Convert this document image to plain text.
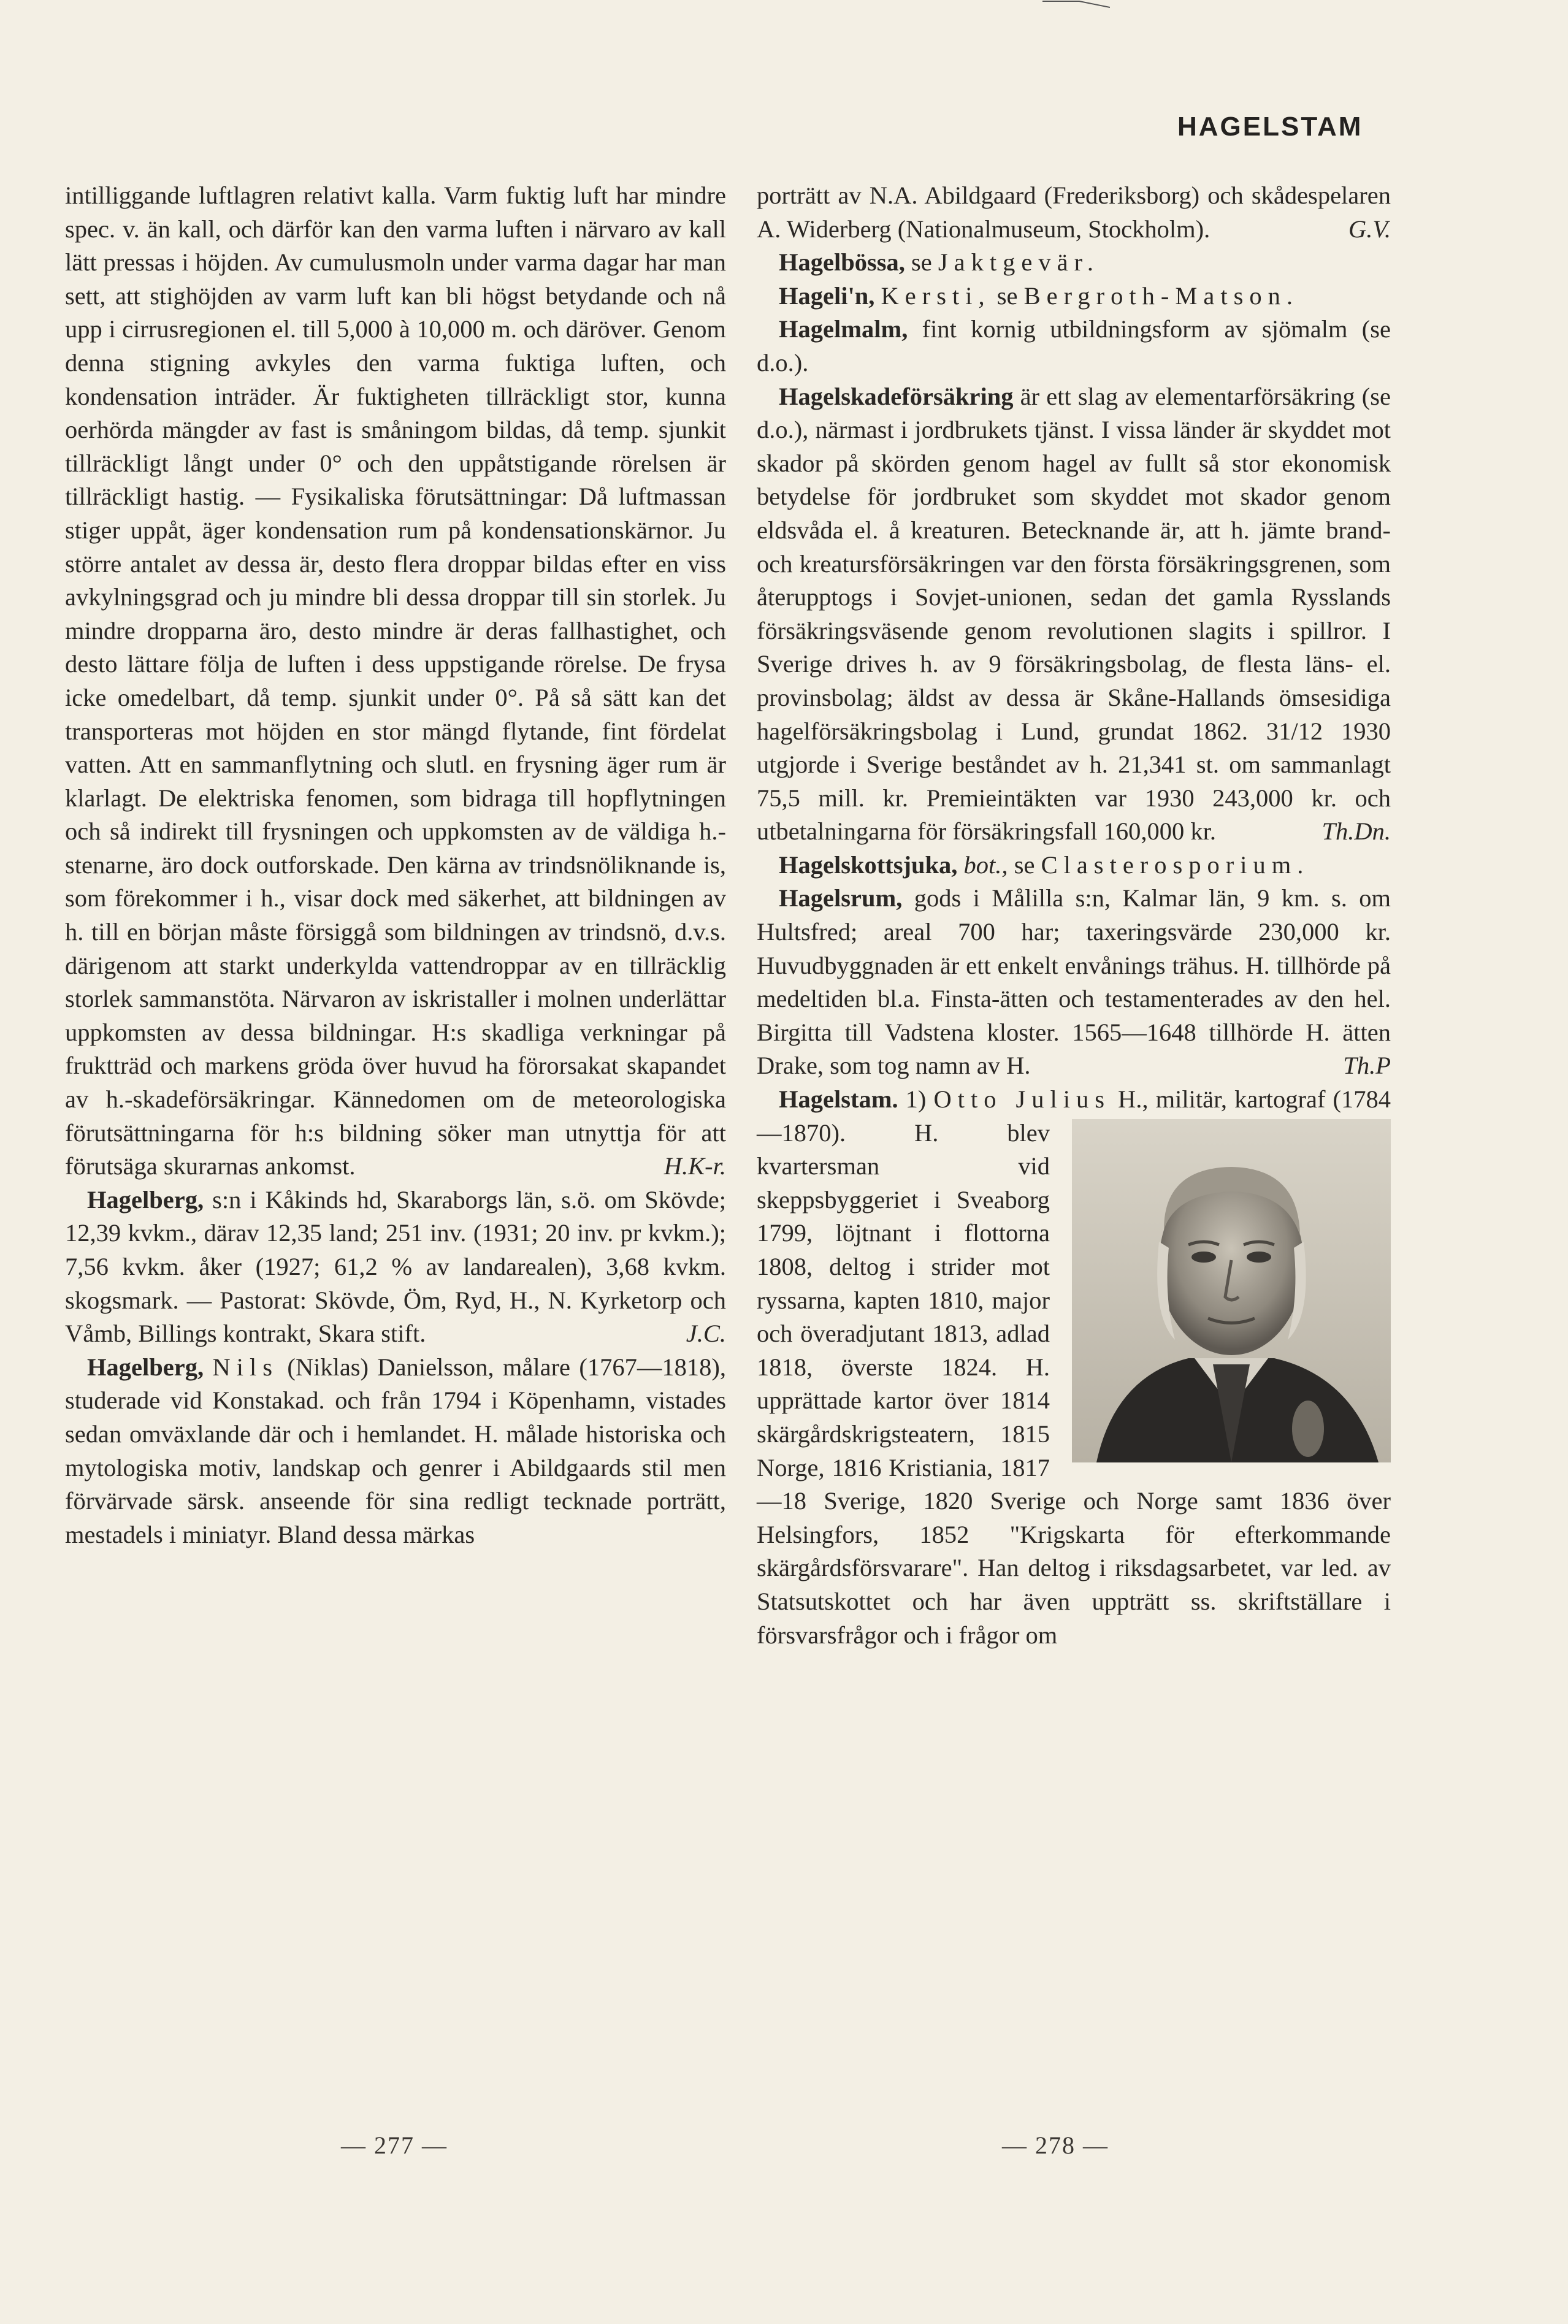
HAGELSTAM

intilliggande luftlagren relativt kalla. Varm fuktig luft har mindre spec. v. än kall, och därför kan den varma luften i närvaro av kall lätt pressas i höjden. Av cumulusmoln under varma dagar har man sett, att stighöjden av varm luft kan bli högst betydande och nå upp i cirrusregionen el. till 5,000 à 10,000 m. och däröver. Genom denna stigning avkyles den varma fuktiga luften, och kondensation inträder. Är fuktigheten tillräckligt stor, kunna oerhörda mängder av fast is småningom bildas, då temp. sjunkit tillräckligt långt under 0° och den uppåtstigande rörelsen är tillräckligt hastig. — Fysikaliska förutsättningar: Då luftmassan stiger uppåt, äger kondensation rum på kondensationskärnor. Ju större antalet av dessa är, desto flera droppar bildas efter en viss avkylningsgrad och ju mindre bli dessa droppar till sin storlek. Ju mindre dropparna äro, desto mindre är deras fallhastighet, och desto lättare följa de luften i dess uppstigande rörelse. De frysa icke omedelbart, då temp. sjunkit under 0°. På så sätt kan det transporteras mot höjden en stor mängd flytande, fint fördelat vatten. Att en sammanflytning och slutl. en frysning äger rum är klarlagt. De elektriska fenomen, som bidraga till hopflytningen och så indirekt till frysningen och uppkomsten av de väldiga h.-stenarne, äro dock outforskade. Den kärna av trindsnöliknande is, som förekommer i h., visar dock med säkerhet, att bildningen av h. till en början måste försiggå som bildningen av trindsnö, d.v.s. därigenom att starkt underkylda vattendroppar av en tillräcklig storlek sammanstöta. Närvaron av iskristaller i molnen underlättar uppkomsten av dessa bildningar. H:s skadliga verkningar på fruktträd och markens gröda över huvud ha förorsakat skapandet av h.-skadeförsäkringar. Kännedomen om de meteorologiska förutsättningarna för h:s bildning söker man utnyttja för att förutsäga skurarnas ankomst.	H.K-r.

Hagelberg, s:n i Kåkinds hd, Skaraborgs län, s.ö. om Skövde; 12,39 kvkm., därav 12,35 land; 251 inv. (1931; 20 inv. pr kvkm.); 7,56 kvkm. åker (1927; 61,2 % av landarealen), 3,68 kvkm. skogsmark. — Pastorat: Skövde, Öm, Ryd, H., N. Kyrketorp och Våmb, Billings kontrakt, Skara stift.	J.C.

Hagelberg, Nils (Niklas) Danielsson, målare (1767—1818), studerade vid Konstakad. och från 1794 i Köpenhamn, vistades sedan omväxlande där och i hemlandet. H. målade historiska och mytologiska motiv, landskap och genrer i Abildgaards stil men förvärvade särsk. anseende för sina redligt tecknade porträtt, mestadels i miniatyr. Bland dessa märkas

porträtt av N.A. Abildgaard (Frederiksborg) och skådespelaren A. Widerberg (Nationalmuseum, Stockholm).	G.V.

Hagelbössa, se Jaktgevär.

Hageli'n, Kersti, se Bergroth-Matson.

Hagelmalm, fint kornig utbildningsform av sjömalm (se d.o.).

Hagelskadeförsäkring är ett slag av elementarförsäkring (se d.o.), närmast i jordbrukets tjänst. I vissa länder är skyddet mot skador på skörden genom hagel av fullt så stor ekonomisk betydelse för jordbruket som skyddet mot skador genom eldsvåda el. å kreaturen. Betecknande är, att h. jämte brand- och kreatursförsäkringen var den första försäkringsgrenen, som återupptogs i Sovjet-unionen, sedan det gamla Rysslands försäkringsväsende genom revolutionen slagits i spillror. I Sverige drives h. av 9 försäkringsbolag, de flesta läns- el. provinsbolag; äldst av dessa är Skåne-Hallands ömsesidiga hagelförsäkringsbolag i Lund, grundat 1862. 31/12 1930 utgjorde i Sverige beståndet av h. 21,341 st. om sammanlagt 75,5 mill. kr. Premieintäkten var 1930 243,000 kr. och utbetalningarna för försäkringsfall 160,000 kr.	Th.Dn.

Hagelskottsjuka, bot., se Clasterosporium.

Hagelsrum, gods i Målilla s:n, Kalmar län, 9 km. s. om Hultsfred; areal 700 har; taxeringsvärde 230,000 kr. Huvudbyggnaden är ett enkelt envånings trähus. H. tillhörde på medeltiden bl.a. Finsta-ätten och testamenterades av den hel. Birgitta till Vadstena kloster. 1565—1648 tillhörde H. ätten Drake, som tog namn av H.	Th.P

Hagelstam. 1) Otto Julius H., militär, kartograf (1784—1870). H. blev kvartersman vid skeppsbyggeriet i Sveaborg 1799, löjtnant i flottorna 1808, deltog i strider mot ryssarna, kapten 1810, major och överadjutant 1813, adlad 1818, överste 1824. H. upprättade kartor över 1814 skärgårdskrigsteatern, 1815 Norge, 1816 Kristiania, 1817—18 Sverige, 1820 Sverige och Norge samt 1836 över Helsingfors, 1852 "Krigskarta för efterkommande skärgårdsförsvarare". Han deltog i riksdagsarbetet, var led. av Statsutskottet och har även uppträtt ss. skriftställare i försvarsfrågor och i frågor om

— 277 —	— 278 —
